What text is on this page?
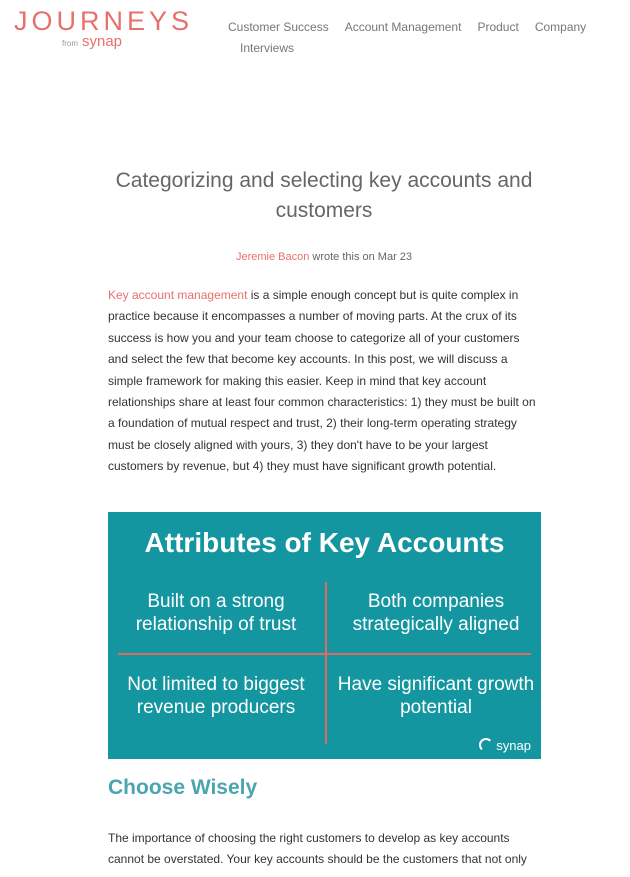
JOURNEYS
from synap
Customer Success Account Management Product Company
Interviews
Categorizing and selecting key accounts and customers
Jeremie Bacon wrote this on Mar 23

Key account management is a simple enough concept but is quite complex in practice because it encompasses a number of moving parts. At the crux of its success is how you and your team choose to categorize all of your customers and select the few that become key accounts. In this post, we will discuss a simple framework for making this easier. Keep in mind that key account relationships share at least four common characteristics: 1) they must be built on a foundation of mutual respect and trust, 2) their long-term operating strategy must be closely aligned with yours, 3) they don't have to be your largest customers by revenue, but 4) they must have significant growth potential.

Attributes of Key Accounts
Built on a strong relationship of trust
Both companies strategically aligned
Not limited to biggest revenue producers
Have significant growth potential
synap
Choose Wisely

The importance of choosing the right customers to develop as key accounts cannot be overstated. Your key accounts should be the customers that not only
